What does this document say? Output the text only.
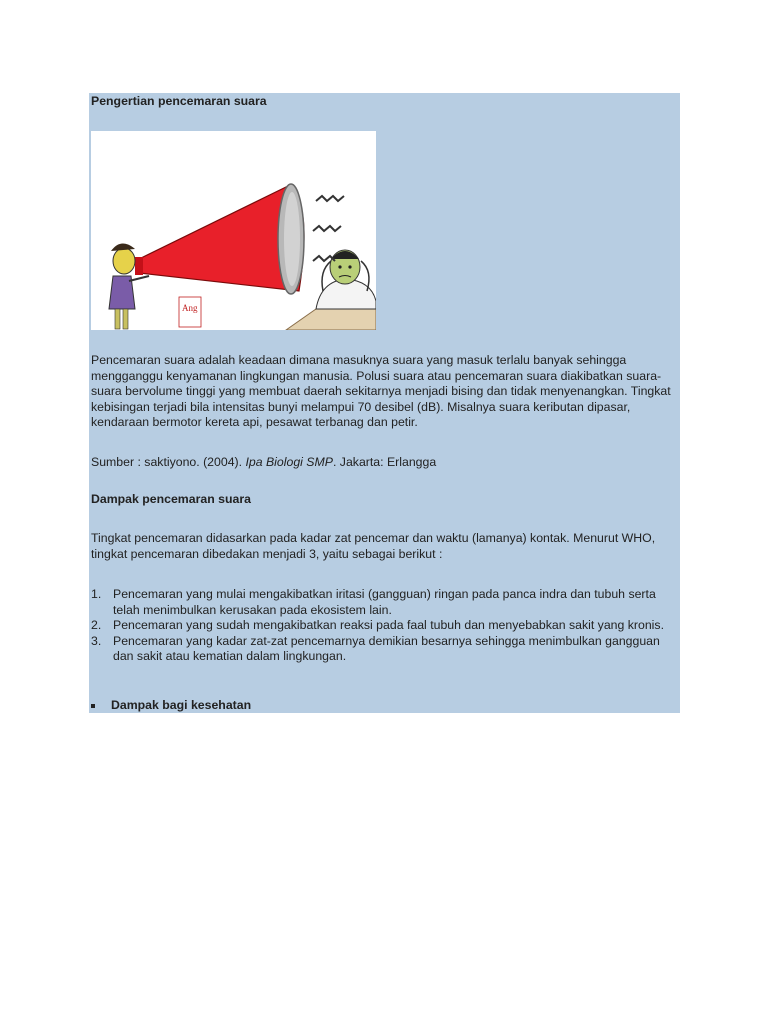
Pengertian pencemaran suara

Ang

Pencemaran suara adalah keadaan dimana masuknya suara yang masuk terlalu banyak sehingga mengganggu kenyamanan lingkungan manusia. Polusi suara atau pencemaran suara diakibatkan suara-suara bervolume tinggi yang membuat daerah sekitarnya menjadi bising dan tidak menyenangkan. Tingkat kebisingan terjadi bila intensitas bunyi melampui 70 desibel (dB). Misalnya suara keributan dipasar, kendaraan bermotor kereta api, pesawat terbanag dan petir.

Sumber : saktiyono. (2004). Ipa Biologi SMP. Jakarta: Erlangga

Dampak pencemaran suara

Tingkat pencemaran didasarkan pada kadar zat pencemar dan waktu (lamanya) kontak. Menurut WHO, tingkat pencemaran dibedakan menjadi 3, yaitu sebagai berikut :

1. Pencemaran yang mulai mengakibatkan iritasi (gangguan) ringan pada panca indra dan tubuh serta telah menimbulkan kerusakan pada ekosistem lain.
2. Pencemaran yang sudah mengakibatkan reaksi pada faal tubuh dan menyebabkan sakit yang kronis.
3. Pencemaran yang kadar zat-zat pencemarnya demikian besarnya sehingga menimbulkan gangguan dan sakit atau kematian dalam lingkungan.
Dampak bagi kesehatan
